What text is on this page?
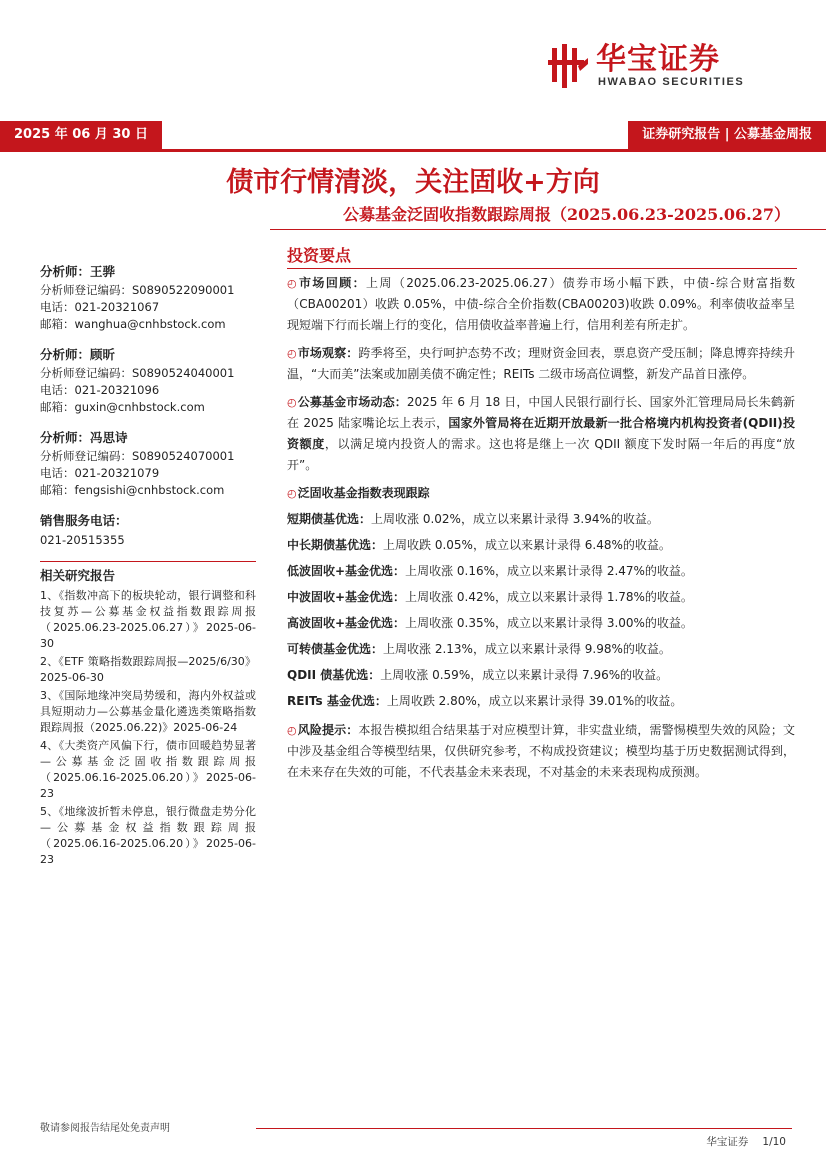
华宝证券
HWABAO SECURITIES
2025 年 06 月 30 日	证券研究报告 | 公募基金周报
债市行情清淡，关注固收+方向
公募基金泛固收指数跟踪周报（2025.06.23-2025.06.27）
分析师：王骅
分析师登记编码：S0890522090001
电话：021-20321067
邮箱：wanghua@cnhbstock.com
分析师：顾昕
分析师登记编码：S0890524040001
电话：021-20321096
邮箱：guxin@cnhbstock.com
分析师：冯思诗
分析师登记编码：S0890524070001
电话：021-20321079
邮箱：fengsishi@cnhbstock.com
销售服务电话：
021-20515355
相关研究报告
1、《指数冲高下的板块轮动，银行调整和科技复苏—公募基金权益指数跟踪周报（2025.06.23-2025.06.27）》2025-06-30
2、《ETF 策略指数跟踪周报—2025/6/30》2025-06-30
3、《国际地缘冲突局势缓和，海内外权益或具短期动力—公募基金量化遴选类策略指数跟踪周报（2025.06.22)》2025-06-24
4、《大类资产风偏下行，债市回暖趋势显著—公募基金泛固收指数跟踪周报（2025.06.16-2025.06.20）》2025-06-23
5、《地缘波折暂未停息，银行微盘走势分化—公募基金权益指数跟踪周报（2025.06.16-2025.06.20）》2025-06-23
投资要点

◴市场回顾：上周（2025.06.23-2025.06.27）债券市场小幅下跌，中债-综合财富指数（CBA00201）收跌 0.05%，中债-综合全价指数(CBA00203)收跌 0.09%。利率债收益率呈现短端下行而长端上行的变化，信用债收益率普遍上行，信用利差有所走扩。

◴市场观察：跨季将至，央行呵护态势不改；理财资金回表，票息资产受压制；降息博弈持续升温，“大而美”法案或加剧美债不确定性；REITs 二级市场高位调整，新发产品首日涨停。

◴公募基金市场动态：2025 年 6 月 18 日，中国人民银行副行长、国家外汇管理局局长朱鹤新在 2025 陆家嘴论坛上表示，国家外管局将在近期开放最新一批合格境内机构投资者(QDII)投资额度，以满足境内投资人的需求。这也将是继上一次 QDII 额度下发时隔一年后的再度“放开”。

◴泛固收基金指数表现跟踪

短期债基优选：上周收涨 0.02%，成立以来累计录得 3.94%的收益。
中长期债基优选：上周收跌 0.05%，成立以来累计录得 6.48%的收益。
低波固收+基金优选：上周收涨 0.16%，成立以来累计录得 2.47%的收益。
中波固收+基金优选：上周收涨 0.42%，成立以来累计录得 1.78%的收益。
高波固收+基金优选：上周收涨 0.35%，成立以来累计录得 3.00%的收益。
可转债基金优选：上周收涨 2.13%，成立以来累计录得 9.98%的收益。
QDII 债基优选：上周收涨 0.59%，成立以来累计录得 7.96%的收益。
REITs 基金优选：上周收跌 2.80%，成立以来累计录得 39.01%的收益。

◴风险提示：本报告模拟组合结果基于对应模型计算，非实盘业绩，需警惕模型失效的风险；文中涉及基金组合等模型结果，仅供研究参考，不构成投资建议；模型均基于历史数据测试得到，在未来存在失效的可能，不代表基金未来表现，不对基金的未来表现构成预测。

敬请参阅报告结尾处免责声明
华宝证券 1/10
